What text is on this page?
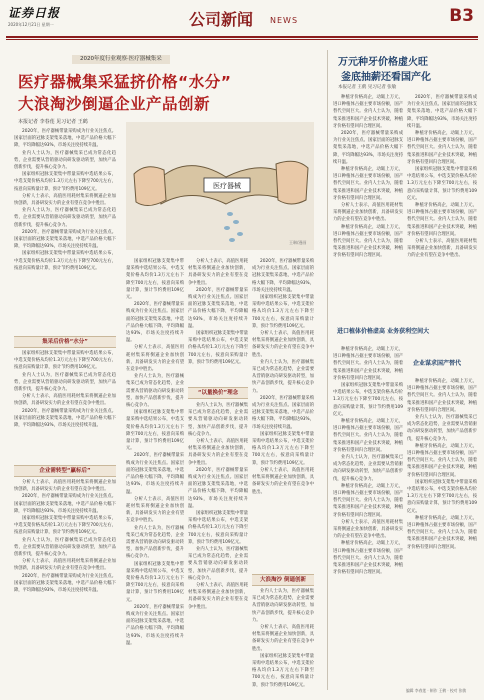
证券日报
2020年12月21日 星期一	公司新闻 NEWS	B3
2020年度行业观察·医疗器械集采
医疗器械集采猛挤价格“水分”
大浪淘沙倒逼企业产品创新
本报记者 李春莲 见习记者 王鹤

2020年，医疗器械带量采购成为行业关注焦点。国家层面的冠脉支架集采落地，中选产品价格大幅下降，平均降幅达93%，市场关注度持续升温。

业内人士认为，医疗器械集采已成为常态化趋势，企业需要从营销驱动向研发驱动转型，加快产品创新步伐，提升核心竞争力。

国家组织冠脉支架集中带量采购中选结果公布，中选支架价格从均价1.3万元左右下降至700元左右，按意向采购量计算，预计节约费用109亿元。

分析人士表示，高值医用耗材集采将倒逼企业加快创新，具备研发实力的企业有望在竞争中胜出。

业内人士认为，医疗器械集采已成为常态化趋势，企业需要从营销驱动向研发驱动转型，加快产品创新步伐，提升核心竞争力。

2020年，医疗器械带量采购成为行业关注焦点。国家层面的冠脉支架集采落地，中选产品价格大幅下降，平均降幅达93%，市场关注度持续升温。

国家组织冠脉支架集中带量采购中选结果公布，中选支架价格从均价1.3万元左右下降至700元左右，按意向采购量计算，预计节约费用109亿元。

集采后价格“水分”

国家组织冠脉支架集中带量采购中选结果公布，中选支架价格从均价1.3万元左右下降至700元左右，按意向采购量计算，预计节约费用109亿元。

业内人士认为，医疗器械集采已成为常态化趋势，企业需要从营销驱动向研发驱动转型，加快产品创新步伐，提升核心竞争力。

分析人士表示，高值医用耗材集采将倒逼企业加快创新，具备研发实力的企业有望在竞争中胜出。

2020年，医疗器械带量采购成为行业关注焦点。国家层面的冠脉支架集采落地，中选产品价格大幅下降，平均降幅达93%，市场关注度持续升温。

企业需转型“赢标后”

分析人士表示，高值医用耗材集采将倒逼企业加快创新，具备研发实力的企业有望在竞争中胜出。

2020年，医疗器械带量采购成为行业关注焦点。国家层面的冠脉支架集采落地，中选产品价格大幅下降，平均降幅达93%，市场关注度持续升温。

国家组织冠脉支架集中带量采购中选结果公布，中选支架价格从均价1.3万元左右下降至700元左右，按意向采购量计算，预计节约费用109亿元。

业内人士认为，医疗器械集采已成为常态化趋势，企业需要从营销驱动向研发驱动转型，加快产品创新步伐，提升核心竞争力。

分析人士表示，高值医用耗材集采将倒逼企业加快创新，具备研发实力的企业有望在竞争中胜出。

2020年，医疗器械带量采购成为行业关注焦点。国家层面的冠脉支架集采落地，中选产品价格大幅下降，平均降幅达93%，市场关注度持续升温。

医疗器械
王琳/漫画

国家组织冠脉支架集中带量采购中选结果公布，中选支架价格从均价1.3万元左右下降至700元左右，按意向采购量计算，预计节约费用109亿元。

2020年，医疗器械带量采购成为行业关注焦点。国家层面的冠脉支架集采落地，中选产品价格大幅下降，平均降幅达93%，市场关注度持续升温。

分析人士表示，高值医用耗材集采将倒逼企业加快创新，具备研发实力的企业有望在竞争中胜出。

业内人士认为，医疗器械集采已成为常态化趋势，企业需要从营销驱动向研发驱动转型，加快产品创新步伐，提升核心竞争力。

国家组织冠脉支架集中带量采购中选结果公布，中选支架价格从均价1.3万元左右下降至700元左右，按意向采购量计算，预计节约费用109亿元。

2020年，医疗器械带量采购成为行业关注焦点。国家层面的冠脉支架集采落地，中选产品价格大幅下降，平均降幅达93%，市场关注度持续升温。

分析人士表示，高值医用耗材集采将倒逼企业加快创新，具备研发实力的企业有望在竞争中胜出。

业内人士认为，医疗器械集采已成为常态化趋势，企业需要从营销驱动向研发驱动转型，加快产品创新步伐，提升核心竞争力。

国家组织冠脉支架集中带量采购中选结果公布，中选支架价格从均价1.3万元左右下降至700元左右，按意向采购量计算，预计节约费用109亿元。

2020年，医疗器械带量采购成为行业关注焦点。国家层面的冠脉支架集采落地，中选产品价格大幅下降，平均降幅达93%，市场关注度持续升温。

“以量换价”理念

分析人士表示，高值医用耗材集采将倒逼企业加快创新，具备研发实力的企业有望在竞争中胜出。

2020年，医疗器械带量采购成为行业关注焦点。国家层面的冠脉支架集采落地，中选产品价格大幅下降，平均降幅达93%，市场关注度持续升温。

国家组织冠脉支架集中带量采购中选结果公布，中选支架价格从均价1.3万元左右下降至700元左右，按意向采购量计算，预计节约费用109亿元。

业内人士认为，医疗器械集采已成为常态化趋势，企业需要从营销驱动向研发驱动转型，加快产品创新步伐，提升核心竞争力。

分析人士表示，高值医用耗材集采将倒逼企业加快创新，具备研发实力的企业有望在竞争中胜出。

2020年，医疗器械带量采购成为行业关注焦点。国家层面的冠脉支架集采落地，中选产品价格大幅下降，平均降幅达93%，市场关注度持续升温。

国家组织冠脉支架集中带量采购中选结果公布，中选支架价格从均价1.3万元左右下降至700元左右，按意向采购量计算，预计节约费用109亿元。

业内人士认为，医疗器械集采已成为常态化趋势，企业需要从营销驱动向研发驱动转型，加快产品创新步伐，提升核心竞争力。

分析人士表示，高值医用耗材集采将倒逼企业加快创新，具备研发实力的企业有望在竞争中胜出。

2020年，医疗器械带量采购成为行业关注焦点。国家层面的冠脉支架集采落地，中选产品价格大幅下降，平均降幅达93%，市场关注度持续升温。

国家组织冠脉支架集中带量采购中选结果公布，中选支架价格从均价1.3万元左右下降至700元左右，按意向采购量计算，预计节约费用109亿元。

分析人士表示，高值医用耗材集采将倒逼企业加快创新，具备研发实力的企业有望在竞争中胜出。

业内人士认为，医疗器械集采已成为常态化趋势，企业需要从营销驱动向研发驱动转型，加快产品创新步伐，提升核心竞争力。

2020年，医疗器械带量采购成为行业关注焦点。国家层面的冠脉支架集采落地，中选产品价格大幅下降，平均降幅达93%，市场关注度持续升温。

国家组织冠脉支架集中带量采购中选结果公布，中选支架价格从均价1.3万元左右下降至700元左右，按意向采购量计算，预计节约费用109亿元。

分析人士表示，高值医用耗材集采将倒逼企业加快创新，具备研发实力的企业有望在竞争中胜出。

大浪淘沙 倒逼创新

业内人士认为，医疗器械集采已成为常态化趋势，企业需要从营销驱动向研发驱动转型，加快产品创新步伐，提升核心竞争力。

分析人士表示，高值医用耗材集采将倒逼企业加快创新，具备研发实力的企业有望在竞争中胜出。

国家组织冠脉支架集中带量采购中选结果公布，中选支架价格从均价1.3万元左右下降至700元左右，按意向采购量计算，预计节约费用109亿元。

万元种牙价格虚火旺
釜底抽薪还看国产化
本报记者 王鹤 见习记者 张敏

种植牙价格高企，动辄上万元，进口种植体占据主要市场份额，国产替代空间巨大。业内人士认为，随着集采推进和国产企业技术突破，种植牙价格有望回归合理区间。

2020年，医疗器械带量采购成为行业关注焦点。国家层面的冠脉支架集采落地，中选产品价格大幅下降，平均降幅达93%，市场关注度持续升温。

种植牙价格高企，动辄上万元，进口种植体占据主要市场份额，国产替代空间巨大。业内人士认为，随着集采推进和国产企业技术突破，种植牙价格有望回归合理区间。

分析人士表示，高值医用耗材集采将倒逼企业加快创新，具备研发实力的企业有望在竞争中胜出。

种植牙价格高企，动辄上万元，进口种植体占据主要市场份额，国产替代空间巨大。业内人士认为，随着集采推进和国产企业技术突破，种植牙价格有望回归合理区间。

进口植体价格虚高 业务获利空间大

种植牙价格高企，动辄上万元，进口种植体占据主要市场份额，国产替代空间巨大。业内人士认为，随着集采推进和国产企业技术突破，种植牙价格有望回归合理区间。

国家组织冠脉支架集中带量采购中选结果公布，中选支架价格从均价1.3万元左右下降至700元左右，按意向采购量计算，预计节约费用109亿元。

种植牙价格高企，动辄上万元，进口种植体占据主要市场份额，国产替代空间巨大。业内人士认为，随着集采推进和国产企业技术突破，种植牙价格有望回归合理区间。

业内人士认为，医疗器械集采已成为常态化趋势，企业需要从营销驱动向研发驱动转型，加快产品创新步伐，提升核心竞争力。

种植牙价格高企，动辄上万元，进口种植体占据主要市场份额，国产替代空间巨大。业内人士认为，随着集采推进和国产企业技术突破，种植牙价格有望回归合理区间。

分析人士表示，高值医用耗材集采将倒逼企业加快创新，具备研发实力的企业有望在竞争中胜出。

种植牙价格高企，动辄上万元，进口种植体占据主要市场份额，国产替代空间巨大。业内人士认为，随着集采推进和国产企业技术突破，种植牙价格有望回归合理区间。

2020年，医疗器械带量采购成为行业关注焦点。国家层面的冠脉支架集采落地，中选产品价格大幅下降，平均降幅达93%，市场关注度持续升温。

种植牙价格高企，动辄上万元，进口种植体占据主要市场份额，国产替代空间巨大。业内人士认为，随着集采推进和国产企业技术突破，种植牙价格有望回归合理区间。

国家组织冠脉支架集中带量采购中选结果公布，中选支架价格从均价1.3万元左右下降至700元左右，按意向采购量计算，预计节约费用109亿元。

种植牙价格高企，动辄上万元，进口种植体占据主要市场份额，国产替代空间巨大。业内人士认为，随着集采推进和国产企业技术突破，种植牙价格有望回归合理区间。

分析人士表示，高值医用耗材集采将倒逼企业加快创新，具备研发实力的企业有望在竞争中胜出。

企业谋求国产替代

种植牙价格高企，动辄上万元，进口种植体占据主要市场份额，国产替代空间巨大。业内人士认为，随着集采推进和国产企业技术突破，种植牙价格有望回归合理区间。

业内人士认为，医疗器械集采已成为常态化趋势，企业需要从营销驱动向研发驱动转型，加快产品创新步伐，提升核心竞争力。

种植牙价格高企，动辄上万元，进口种植体占据主要市场份额，国产替代空间巨大。业内人士认为，随着集采推进和国产企业技术突破，种植牙价格有望回归合理区间。

国家组织冠脉支架集中带量采购中选结果公布，中选支架价格从均价1.3万元左右下降至700元左右，按意向采购量计算，预计节约费用109亿元。

种植牙价格高企，动辄上万元，进口种植体占据主要市场份额，国产替代空间巨大。业内人士认为，随着集采推进和国产企业技术突破，种植牙价格有望回归合理区间。

编辑 李春莲 · 制作 王鹤 · 校对 张敏
